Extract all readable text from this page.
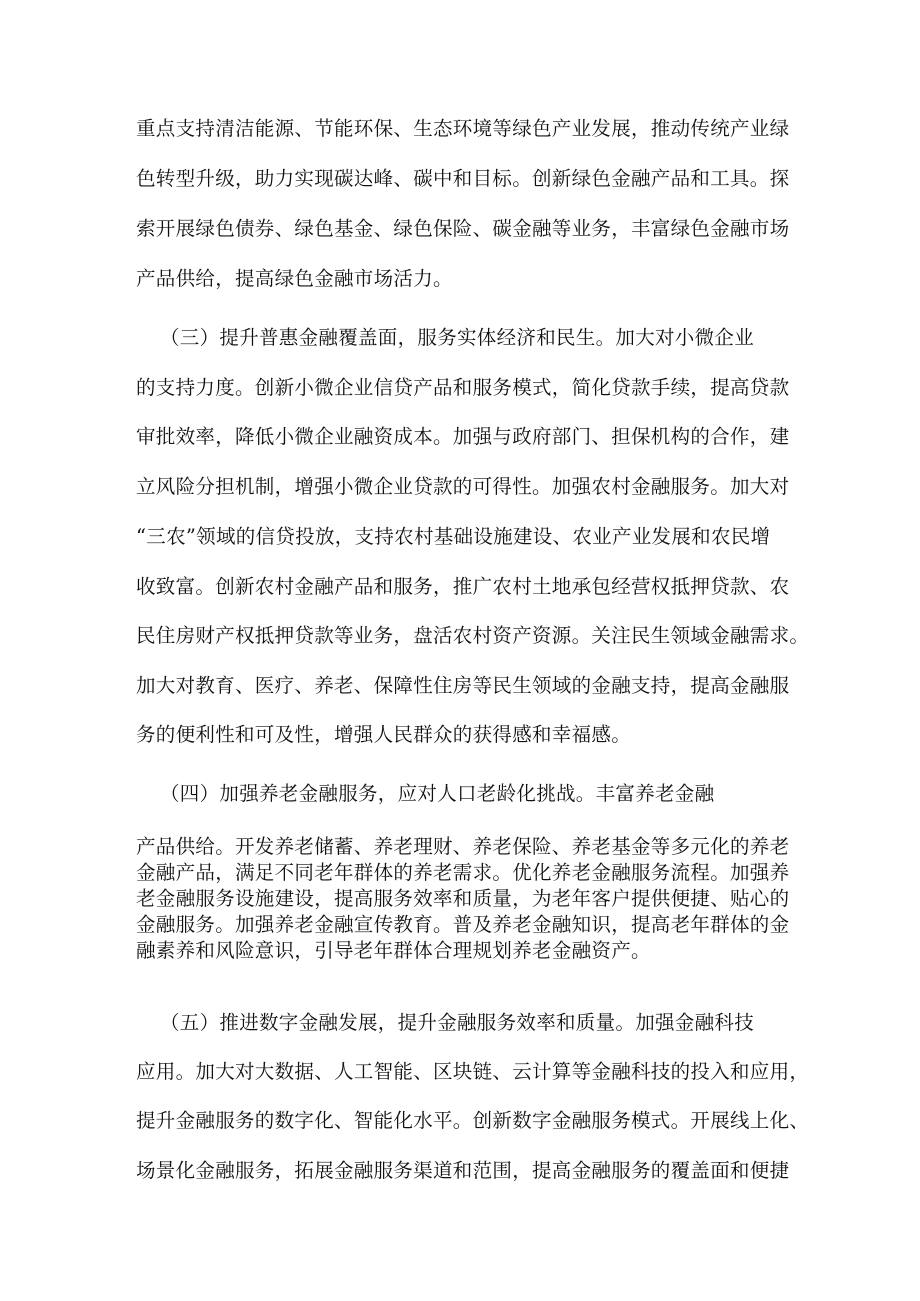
重点支持清洁能源、节能环保、生态环境等绿色产业发展，推动传统产业绿
色转型升级，助力实现碳达峰、碳中和目标。创新绿色金融产品和工具。探
索开展绿色债券、绿色基金、绿色保险、碳金融等业务，丰富绿色金融市场
产品供给，提高绿色金融市场活力。
（三）提升普惠金融覆盖面，服务实体经济和民生。加大对小微企业
的支持力度。创新小微企业信贷产品和服务模式，简化贷款手续，提高贷款
审批效率，降低小微企业融资成本。加强与政府部门、担保机构的合作，建
立风险分担机制，增强小微企业贷款的可得性。加强农村金融服务。加大对
“三农”领域的信贷投放，支持农村基础设施建设、农业产业发展和农民增
收致富。创新农村金融产品和服务，推广农村土地承包经营权抵押贷款、农
民住房财产权抵押贷款等业务，盘活农村资产资源。关注民生领域金融需求。
加大对教育、医疗、养老、保障性住房等民生领域的金融支持，提高金融服
务的便利性和可及性，增强人民群众的获得感和幸福感。
（四）加强养老金融服务，应对人口老龄化挑战。丰富养老金融
产品供给。开发养老储蓄、养老理财、养老保险、养老基金等多元化的养老
金融产品，满足不同老年群体的养老需求。优化养老金融服务流程。加强养
老金融服务设施建设，提高服务效率和质量，为老年客户提供便捷、贴心的
金融服务。加强养老金融宣传教育。普及养老金融知识，提高老年群体的金
融素养和风险意识，引导老年群体合理规划养老金融资产。
（五）推进数字金融发展，提升金融服务效率和质量。加强金融科技
应用。加大对大数据、人工智能、区块链、云计算等金融科技的投入和应用，
提升金融服务的数字化、智能化水平。创新数字金融服务模式。开展线上化、
场景化金融服务，拓展金融服务渠道和范围，提高金融服务的覆盖面和便捷
